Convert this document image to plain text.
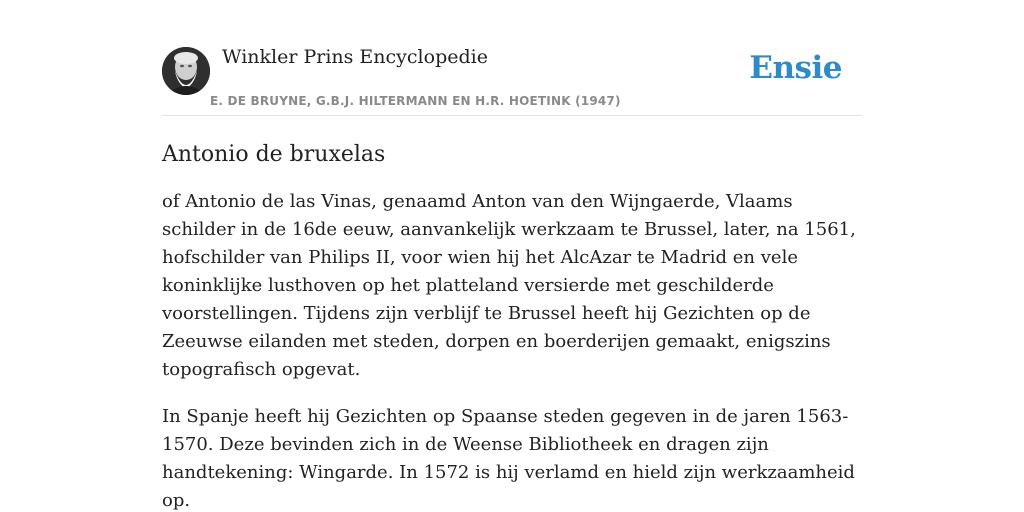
Winkler Prins Encyclopedie
E. DE BRUYNE, G.B.J. HILTERMANN EN H.R. HOETINK (1947)
Ensie
Antonio de bruxelas

of Antonio de las Vinas, genaamd Anton van den Wijngaerde, Vlaams schilder in de 16de eeuw, aanvankelijk werkzaam te Brussel, later, na 1561, hofschilder van Philips II, voor wien hij het AlcAzar te Madrid en vele koninklijke lusthoven op het platteland versierde met geschilderde voorstellingen. Tijdens zijn verblijf te Brussel heeft hij Gezichten op de Zeeuwse eilanden met steden, dorpen en boerderijen gemaakt, enigszins topografisch opgevat.

In Spanje heeft hij Gezichten op Spaanse steden gegeven in de jaren 1563-1570. Deze bevinden zich in de Weense Bibliotheek en dragen zijn handtekening: Wingarde. In 1572 is hij verlamd en hield zijn werkzaamheid op.
